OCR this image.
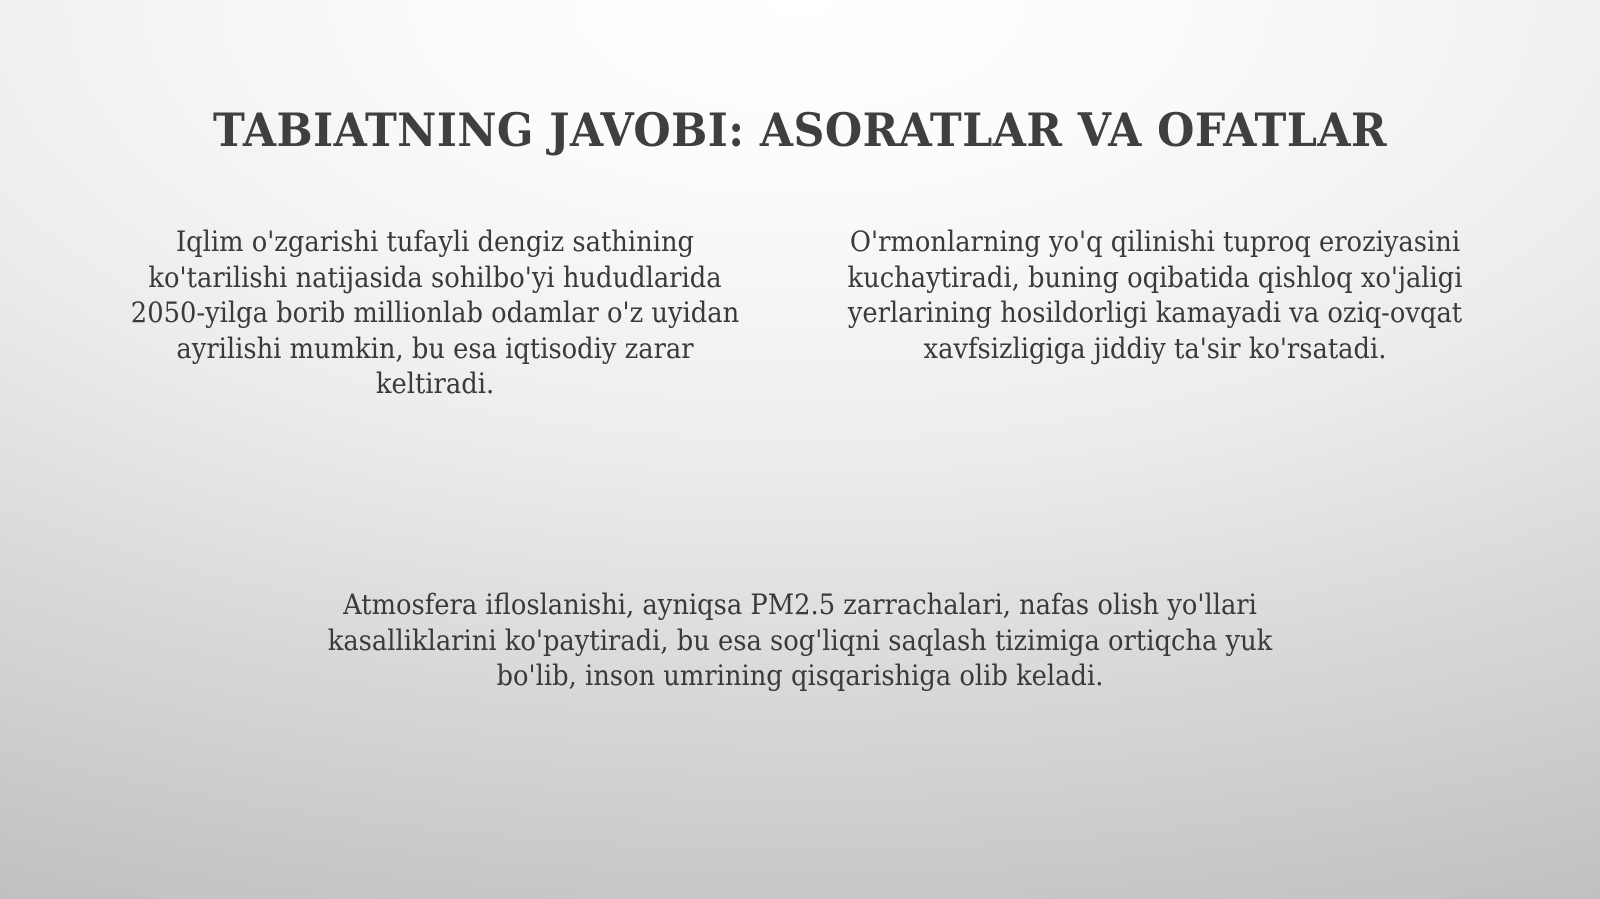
TABIATNING JAVOBI: ASORATLAR VA OFATLAR
Iqlim o'zgarishi tufayli dengiz sathining ko'tarilishi natijasida sohilbo'yi hududlarida 2050-yilga borib millionlab odamlar o'z uyidan ayrilishi mumkin, bu esa iqtisodiy zarar keltiradi.
O'rmonlarning yo'q qilinishi tuproq eroziyasini kuchaytiradi, buning oqibatida qishloq xo'jaligi yerlarining hosildorligi kamayadi va oziq-ovqat xavfsizligiga jiddiy ta'sir ko'rsatadi.
Atmosfera ifloslanishi, ayniqsa PM2.5 zarrachalari, nafas olish yo'llari kasalliklarini ko'paytiradi, bu esa sog'liqni saqlash tizimiga ortiqcha yuk bo'lib, inson umrining qisqarishiga olib keladi.
